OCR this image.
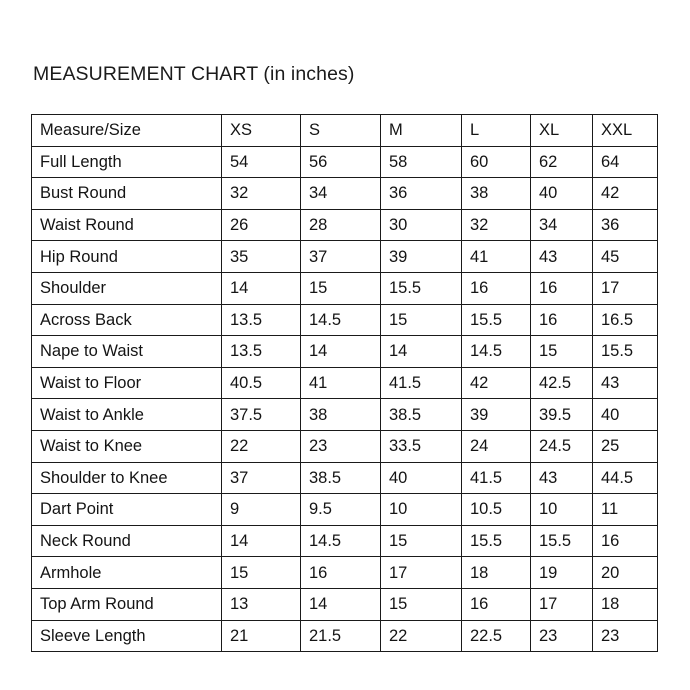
MEASUREMENT CHART (in inches)
Measure/Size	XS	S	M	L	XL	XXL
Full Length	54	56	58	60	62	64
Bust Round	32	34	36	38	40	42
Waist Round	26	28	30	32	34	36
Hip Round	35	37	39	41	43	45
Shoulder	14	15	15.5	16	16	17
Across Back	13.5	14.5	15	15.5	16	16.5
Nape to Waist	13.5	14	14	14.5	15	15.5
Waist to Floor	40.5	41	41.5	42	42.5	43
Waist to Ankle	37.5	38	38.5	39	39.5	40
Waist to Knee	22	23	33.5	24	24.5	25
Shoulder to Knee	37	38.5	40	41.5	43	44.5
Dart Point	9	9.5	10	10.5	10	11
Neck Round	14	14.5	15	15.5	15.5	16
Armhole	15	16	17	18	19	20
Top Arm Round	13	14	15	16	17	18
Sleeve Length	21	21.5	22	22.5	23	23
